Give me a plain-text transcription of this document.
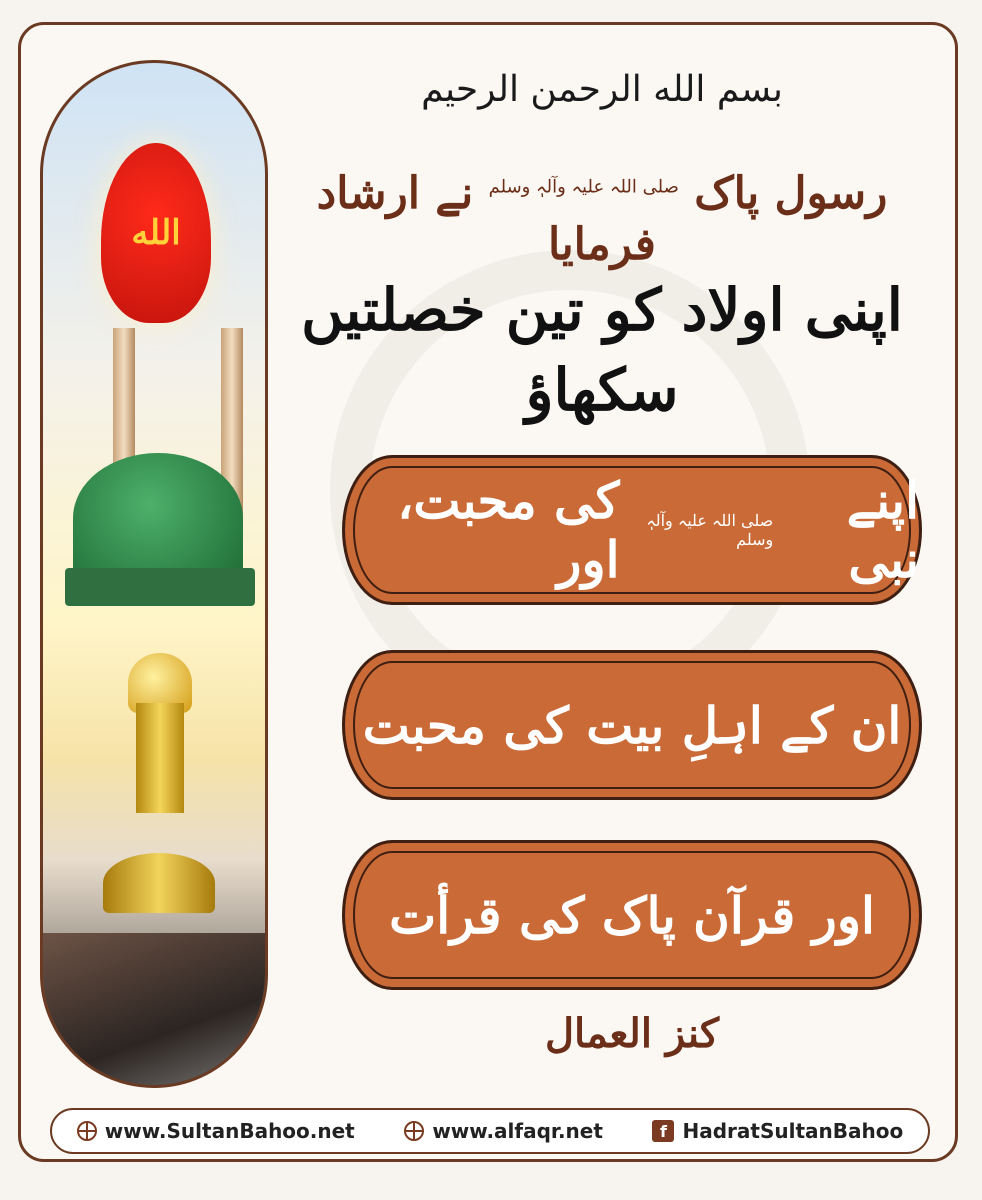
الله
بسم الله الرحمن الرحیم
رسول پاک $^{صلی اللہ علیہ وآلہٖ وسلم}$ نے ارشاد فرمایا
اپنی اولاد کو تین خصلتیں سکھاؤ
اپنے نبی
صلی اللہ علیہ وآلہٖ وسلم
کی محبت، اور
ان کے اہلِ بیت کی محبت
اور قرآن پاک کی قرأت
کنز العمال
www.SultanBahoo.net	www.alfaqr.net	f HadratSultanBahoo
